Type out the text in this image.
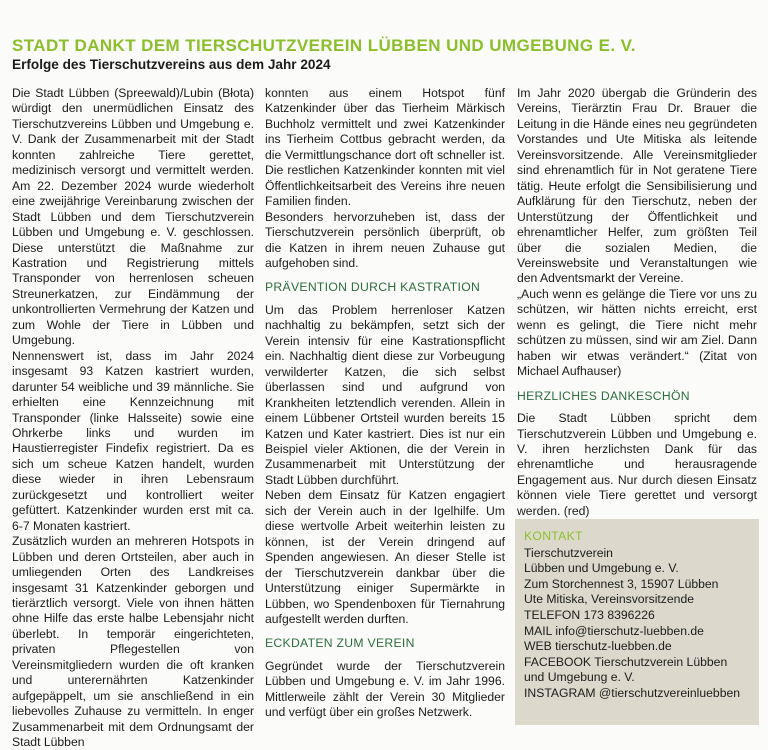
STADT DANKT DEM TIERSCHUTZVEREIN LÜBBEN UND UMGEBUNG E. V.
Erfolge des Tierschutzvereins aus dem Jahr 2024

Die Stadt Lübben (Spreewald)/Lubin (Błota) würdigt den unermüdlichen Einsatz des Tierschutzvereins Lübben und Umgebung e. V. Dank der Zusammenarbeit mit der Stadt konnten zahlreiche Tiere gerettet, medizinisch versorgt und vermittelt werden. Am 22. Dezember 2024 wurde wiederholt eine zweijährige Vereinbarung zwischen der Stadt Lübben und dem Tierschutzverein Lübben und Umgebung e. V. geschlossen. Diese unterstützt die Maßnahme zur Kastration und Registrierung mittels Transponder von herrenlosen scheuen Streunerkatzen, zur Eindämmung der unkontrollierten Vermehrung der Katzen und zum Wohle der Tiere in Lübben und Umgebung.

Nennenswert ist, dass im Jahr 2024 insgesamt 93 Katzen kastriert wurden, darunter 54 weibliche und 39 männliche. Sie erhielten eine Kennzeichnung mit Transponder (linke Halsseite) sowie eine Ohrkerbe links und wurden im Haustierregister Findefix registriert. Da es sich um scheue Katzen handelt, wurden diese wieder in ihren Lebensraum zurückgesetzt und kontrolliert weiter gefüttert. Katzenkinder wurden erst mit ca. 6-7 Monaten kastriert.

Zusätzlich wurden an mehreren Hotspots in Lübben und deren Ortsteilen, aber auch in umliegenden Orten des Landkreises insgesamt 31 Katzenkinder geborgen und tierärztlich versorgt. Viele von ihnen hätten ohne Hilfe das erste halbe Lebensjahr nicht überlebt. In temporär eingerichteten, privaten Pflegestellen von Vereinsmitgliedern wurden die oft kranken und unterernährten Katzenkinder aufgepäppelt, um sie anschließend in ein liebevolles Zuhause zu vermitteln. In enger Zusammenarbeit mit dem Ordnungsamt der Stadt Lübben

konnten aus einem Hotspot fünf Katzenkinder über das Tierheim Märkisch Buchholz vermittelt und zwei Katzenkinder ins Tierheim Cottbus gebracht werden, da die Vermittlungschance dort oft schneller ist. Die restlichen Katzenkinder konnten mit viel Öffentlichkeitsarbeit des Vereins ihre neuen Familien finden.

Besonders hervorzuheben ist, dass der Tierschutzverein persönlich überprüft, ob die Katzen in ihrem neuen Zuhause gut aufgehoben sind.

PRÄVENTION DURCH KASTRATION

Um das Problem herrenloser Katzen nachhaltig zu bekämpfen, setzt sich der Verein intensiv für eine Kastrationspflicht ein. Nachhaltig dient diese zur Vorbeugung verwilderter Katzen, die sich selbst überlassen sind und aufgrund von Krankheiten letztendlich verenden. Allein in einem Lübbener Ortsteil wurden bereits 15 Katzen und Kater kastriert. Dies ist nur ein Beispiel vieler Aktionen, die der Verein in Zusammenarbeit mit Unterstützung der Stadt Lübben durchführt.

Neben dem Einsatz für Katzen engagiert sich der Verein auch in der Igelhilfe. Um diese wertvolle Arbeit weiterhin leisten zu können, ist der Verein dringend auf Spenden angewiesen. An dieser Stelle ist der Tierschutzverein dankbar über die Unterstützung einiger Supermärkte in Lübben, wo Spendenboxen für Tiernahrung aufgestellt werden durften.

ECKDATEN ZUM VEREIN

Gegründet wurde der Tierschutzverein Lübben und Umgebung e. V. im Jahr 1996. Mittlerweile zählt der Verein 30 Mitglieder und verfügt über ein großes Netzwerk.

Im Jahr 2020 übergab die Gründerin des Vereins, Tierärztin Frau Dr. Brauer die Leitung in die Hände eines neu gegründeten Vorstandes und Ute Mitiska als leitende Vereinsvorsitzende. Alle Vereinsmitglieder sind ehrenamtlich für in Not geratene Tiere tätig. Heute erfolgt die Sensibilisierung und Aufklärung für den Tierschutz, neben der Unterstützung der Öffentlichkeit und ehrenamtlicher Helfer, zum größten Teil über die sozialen Medien, die Vereinswebsite und Veranstaltungen wie den Adventsmarkt der Vereine.

„Auch wenn es gelänge die Tiere vor uns zu schützen, wir hätten nichts erreicht, erst wenn es gelingt, die Tiere nicht mehr schützen zu müssen, sind wir am Ziel. Dann haben wir etwas verändert.“ (Zitat von Michael Aufhauser)

HERZLICHES DANKESCHÖN

Die Stadt Lübben spricht dem Tierschutzverein Lübben und Umgebung e. V. ihren herzlichsten Dank für das ehrenamtliche und herausragende Engagement aus. Nur durch diesen Einsatz können viele Tiere gerettet und versorgt werden. (red)

KONTAKT
Tierschutzverein
Lübben und Umgebung e. V.
Zum Storchennest 3, 15907 Lübben
Ute Mitiska, Vereinsvorsitzende
TELEFON 173 8396226
MAIL info@tierschutz-luebben.de
WEB tierschutz-luebben.de
FACEBOOK Tierschutzverein Lübben
und Umgebung e. V.
INSTAGRAM @tierschutzvereinluebben
